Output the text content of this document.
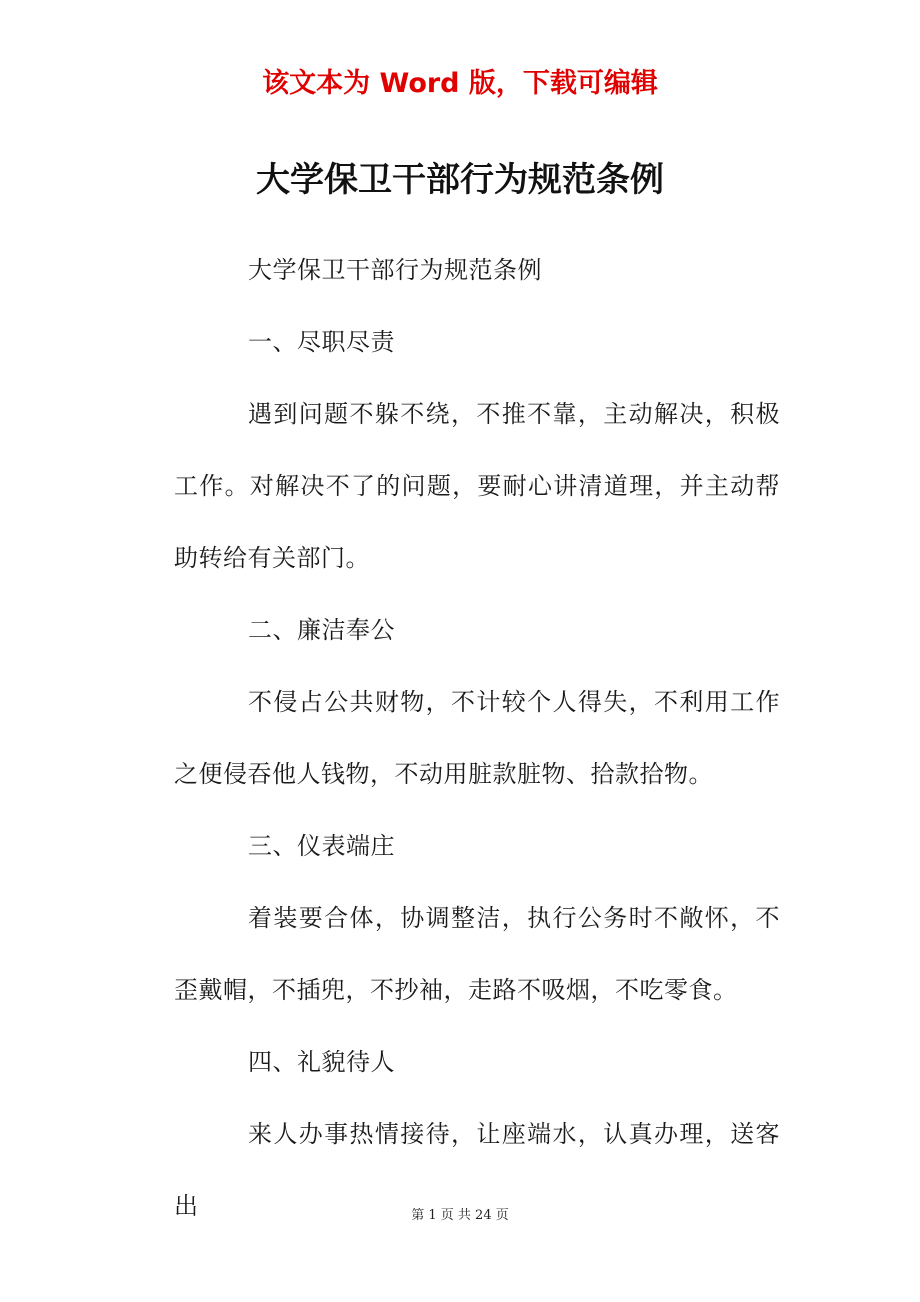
该文本为 Word 版，下载可编辑
大学保卫干部行为规范条例

大学保卫干部行为规范条例

一、尽职尽责

遇到问题不躲不绕，不推不靠，主动解决，积极工作。对解决不了的问题，要耐心讲清道理，并主动帮助转给有关部门。

二、廉洁奉公

不侵占公共财物，不计较个人得失，不利用工作之便侵吞他人钱物，不动用脏款脏物、拾款拾物。

三、仪表端庄

着装要合体，协调整洁，执行公务时不敞怀，不歪戴帽，不插兜，不抄袖，走路不吸烟，不吃零食。

四、礼貌待人

来人办事热情接待，让座端水，认真办理，送客出	第 1 页 共 24 页
